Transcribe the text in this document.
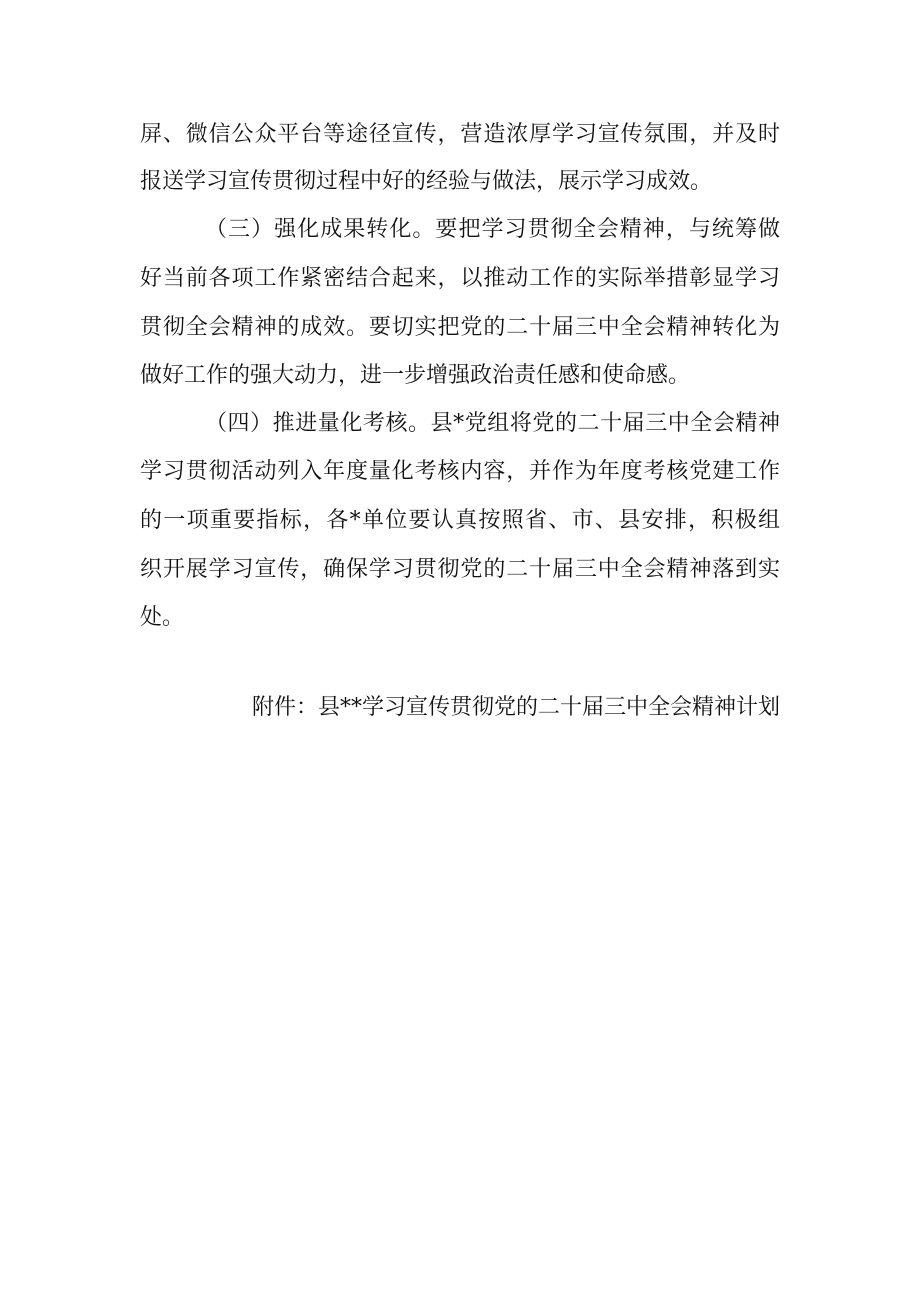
屏、微信公众平台等途径宣传，营造浓厚学习宣传氛围，并及时
报送学习宣传贯彻过程中好的经验与做法，展示学习成效。
（三）强化成果转化。要把学习贯彻全会精神，与统筹做
好当前各项工作紧密结合起来，以推动工作的实际举措彰显学习
贯彻全会精神的成效。要切实把党的二十届三中全会精神转化为
做好工作的强大动力，进一步增强政治责任感和使命感。
（四）推进量化考核。县*党组将党的二十届三中全会精神
学习贯彻活动列入年度量化考核内容，并作为年度考核党建工作
的一项重要指标，各*单位要认真按照省、市、县安排，积极组
织开展学习宣传，确保学习贯彻党的二十届三中全会精神落到实
处。
附件：县**学习宣传贯彻党的二十届三中全会精神计划
